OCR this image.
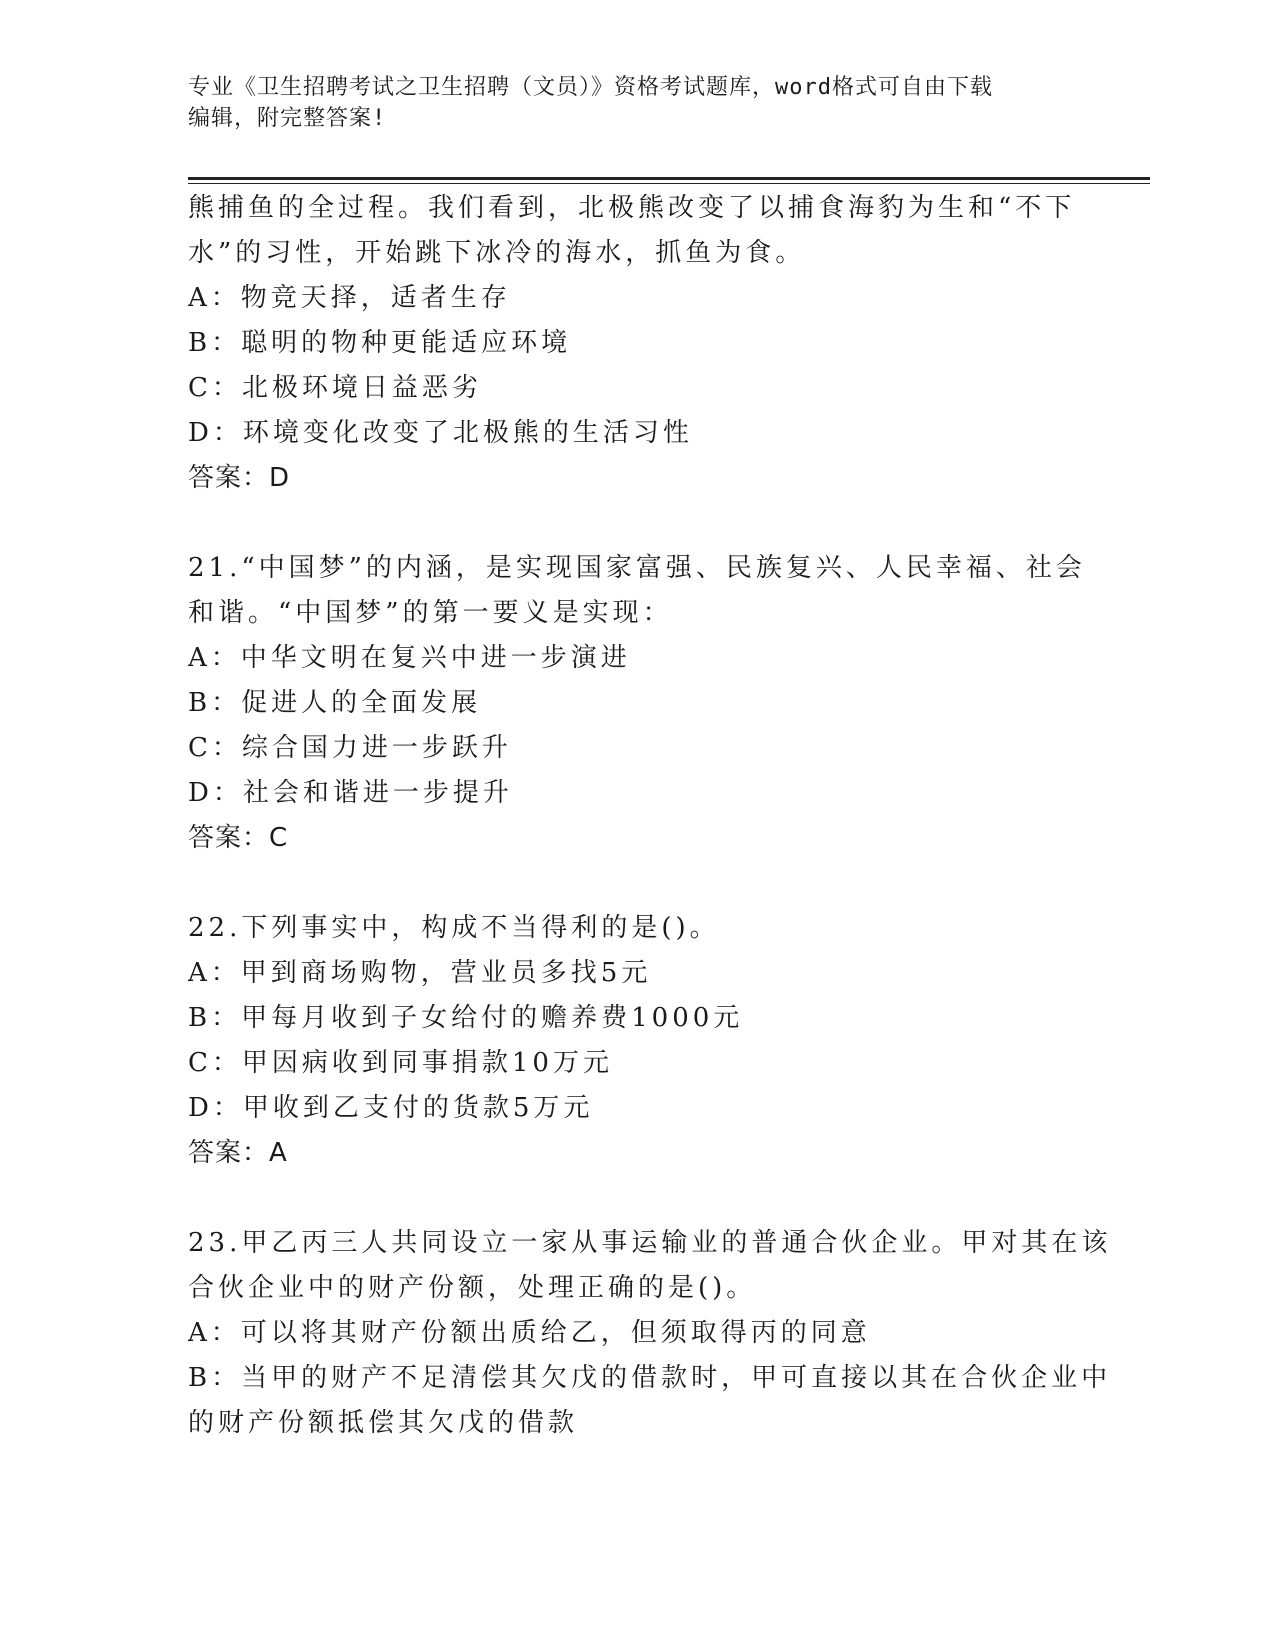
专业《卫生招聘考试之卫生招聘（文员）》资格考试题库，word格式可自由下载
编辑，附完整答案!
熊捕鱼的全过程。我们看到，北极熊改变了以捕食海豹为生和“不下
水”的习性，开始跳下冰冷的海水，抓鱼为食。
A：物竞天择，适者生存
B：聪明的物种更能适应环境
C：北极环境日益恶劣
D：环境变化改变了北极熊的生活习性
答案：D
21.“中国梦”的内涵，是实现国家富强、民族复兴、人民幸福、社会
和谐。“中国梦”的第一要义是实现：
A：中华文明在复兴中进一步演进
B：促进人的全面发展
C：综合国力进一步跃升
D：社会和谐进一步提升
答案：C
22.下列事实中，构成不当得利的是()。
A：甲到商场购物，营业员多找5元
B：甲每月收到子女给付的赡养费1000元
C：甲因病收到同事捐款10万元
D：甲收到乙支付的货款5万元
答案：A
23.甲乙丙三人共同设立一家从事运输业的普通合伙企业。甲对其在该
合伙企业中的财产份额，处理正确的是()。
A：可以将其财产份额出质给乙，但须取得丙的同意
B：当甲的财产不足清偿其欠戊的借款时，甲可直接以其在合伙企业中
的财产份额抵偿其欠戊的借款
